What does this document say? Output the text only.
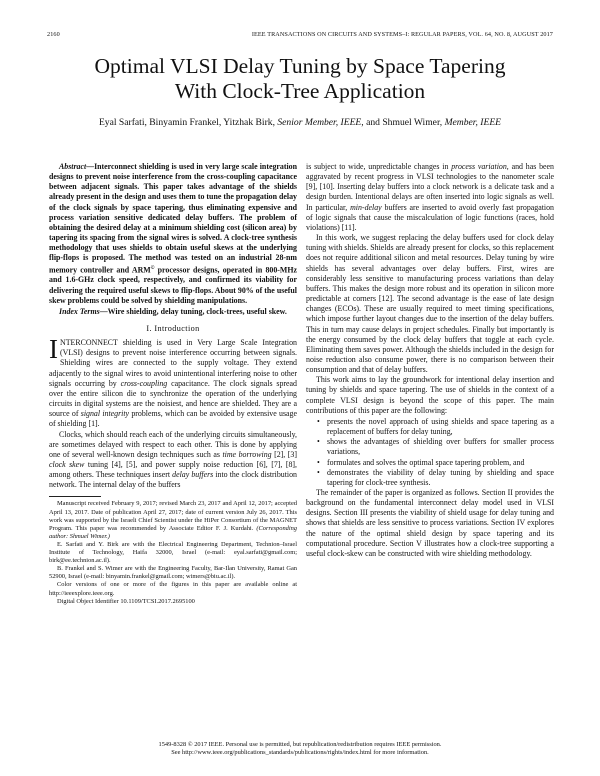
2160	IEEE TRANSACTIONS ON CIRCUITS AND SYSTEMS–I: REGULAR PAPERS, VOL. 64, NO. 8, AUGUST 2017
Optimal VLSI Delay Tuning by Space Tapering
With Clock-Tree Application
Eyal Sarfati, Binyamin Frankel, Yitzhak Birk, Senior Member, IEEE, and Shmuel Wimer, Member, IEEE

Abstract—Interconnect shielding is used in very large scale integration designs to prevent noise interference from the cross-coupling capacitance between adjacent signals. This paper takes advantage of the shields already present in the design and uses them to tune the propagation delay of the clock signals by space tapering, thus eliminating expensive and process variation sensitive dedicated delay buffers. The problem of obtaining the desired delay at a minimum shielding cost (silicon area) by tapering its spacing from the signal wires is solved. A clock-tree synthesis methodology that uses shields to obtain useful skews at the underlying flip-flops is proposed. The method was tested on an industrial 28-nm memory controller and ARM© processor designs, operated in 800-MHz and 1.6-GHz clock speed, respectively, and confirmed its viability for delivering the required useful skews to flip-flops. About 90% of the useful skew problems could be solved by shielding manipulations.

Index Terms—Wire shielding, delay tuning, clock-trees, useful skew.

I. Introduction

INTERCONNECT shielding is used in Very Large Scale Integration (VLSI) designs to prevent noise interference occurring between signals. Shielding wires are connected to the supply voltage. They extend adjacently to the signal wires to avoid unintentional interfering noise to other signals occurring by cross-coupling capacitance. The clock signals spread over the entire silicon die to synchronize the operation of the underlying circuits in digital systems are the noisiest, and hence are shielded. They are a source of signal integrity problems, which can be avoided by extensive usage of shielding [1].

Clocks, which should reach each of the underlying circuits simultaneously, are sometimes delayed with respect to each other. This is done by applying one of several well-known design techniques such as time borrowing [2], [3] clock skew tuning [4], [5], and power supply noise reduction [6], [7], [8], among others. These techniques insert delay buffers into the clock distribution network. The internal delay of the buffers

Manuscript received February 9, 2017; revised March 23, 2017 and April 12, 2017; accepted April 13, 2017. Date of publication April 27, 2017; date of current version July 26, 2017. This work was supported by the Israeli Chief Scientist under the HiPer Consortium of the MAGNET Program. This paper was recommended by Associate Editor F. J. Kurdahi. (Corresponding author: Shmuel Wimer.)

E. Sarfati and Y. Birk are with the Electrical Engineering Department, Technion–Israel Institute of Technology, Haifa 32000, Israel (e-mail: eyal.sarfati@gmail.com; birk@ee.technion.ac.il).

B. Frankel and S. Wimer are with the Engineering Faculty, Bar-Ilan University, Ramat Gan 52900, Israel (e-mail: binyamin.frankel@gmail.com; wimers@biu.ac.il).

Color versions of one or more of the figures in this paper are available online at http://ieeexplore.ieee.org.

Digital Object Identifier 10.1109/TCSI.2017.2695100

is subject to wide, unpredictable changes in process variation, and has been aggravated by recent progress in VLSI technologies to the nanometer scale [9], [10]. Inserting delay buffers into a clock network is a delicate task and a design burden. Intentional delays are often inserted into logic signals as well. In particular, min-delay buffers are inserted to avoid overly fast propagation of logic signals that cause the miscalculation of logic functions (races, hold violations) [11].

In this work, we suggest replacing the delay buffers used for clock delay tuning with shields. Shields are already present for clocks, so this replacement does not require additional silicon and metal resources. Delay tuning by wire shields has several advantages over delay buffers. First, wires are considerably less sensitive to manufacturing process variations than delay buffers. This makes the design more robust and its operation in silicon more predictable at corners [12]. The second advantage is the ease of late design changes (ECOs). These are usually required to meet timing specifications, which impose further layout changes due to the insertion of the delay buffers. This in turn may cause delays in project schedules. Finally but importantly is the energy consumed by the clock delay buffers that toggle at each cycle. Eliminating them saves power. Although the shields included in the design for noise reduction also consume power, there is no comparison between their consumption and that of delay buffers.

This work aims to lay the groundwork for intentional delay insertion and tuning by shields and space tapering. The use of shields in the context of a complete VLSI design is beyond the scope of this paper. The main contributions of this paper are the following:

• presents the novel approach of using shields and space tapering as a replacement of buffers for delay tuning,
• shows the advantages of shielding over buffers for smaller process variations,
• formulates and solves the optimal space tapering problem, and
• demonstrates the viability of delay tuning by shielding and space tapering for clock-tree synthesis.

The remainder of the paper is organized as follows. Section II provides the background on the fundamental interconnect delay model used in VLSI designs. Section III presents the viability of shield usage for delay tuning and shows that shields are less sensitive to process variations. Section IV explores the nature of the optimal shield design by space tapering and its computational procedure. Section V illustrates how a clock-tree supporting a useful clock-skew can be constructed with wire shielding methodology.

1549-8328 © 2017 IEEE. Personal use is permitted, but republication/redistribution requires IEEE permission.
See http://www.ieee.org/publications_standards/publications/rights/index.html for more information.
